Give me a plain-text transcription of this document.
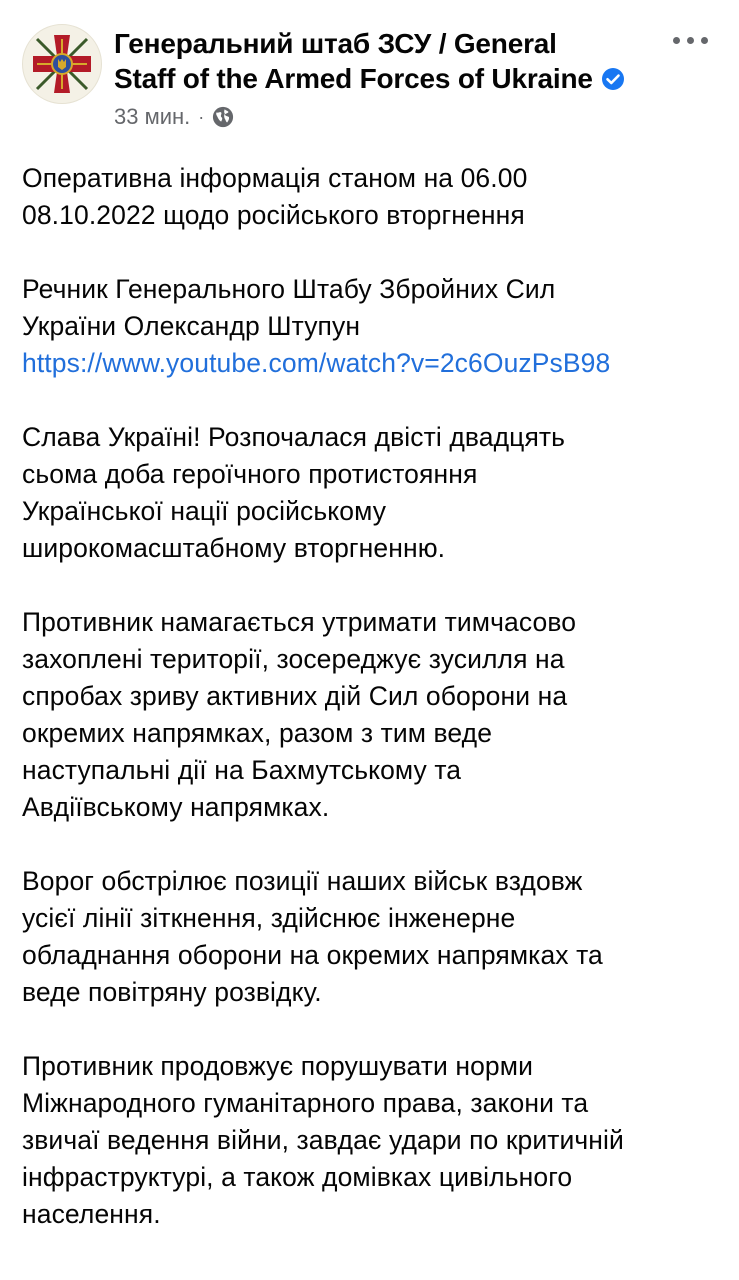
Генеральний штаб ЗСУ / General
Staff of the Armed Forces of Ukraine
33 мин. ·

Оперативна інформація станом на 06.00
08.10.2022 щодо російського вторгнення

Речник Генерального Штабу Збройних Сил
України Олександр Штупун
https://www.youtube.com/watch?v=2c6OuzPsB98

Слава Україні! Розпочалася двісті двадцять
сьома доба героїчного протистояння
Української нації російському
широкомасштабному вторгненню.

Противник намагається утримати тимчасово
захоплені території, зосереджує зусилля на
спробах зриву активних дій Сил оборони на
окремих напрямках, разом з тим веде
наступальні дії на Бахмутському та
Авдіївському напрямках.

Ворог обстрілює позиції наших військ вздовж
усієї лінії зіткнення, здійснює інженерне
обладнання оборони на окремих напрямках та
веде повітряну розвідку.

Противник продовжує порушувати норми
Міжнародного гуманітарного права, закони та
звичаї ведення війни, завдає удари по критичній
інфраструктурі, а також домівках цивільного
населення.
